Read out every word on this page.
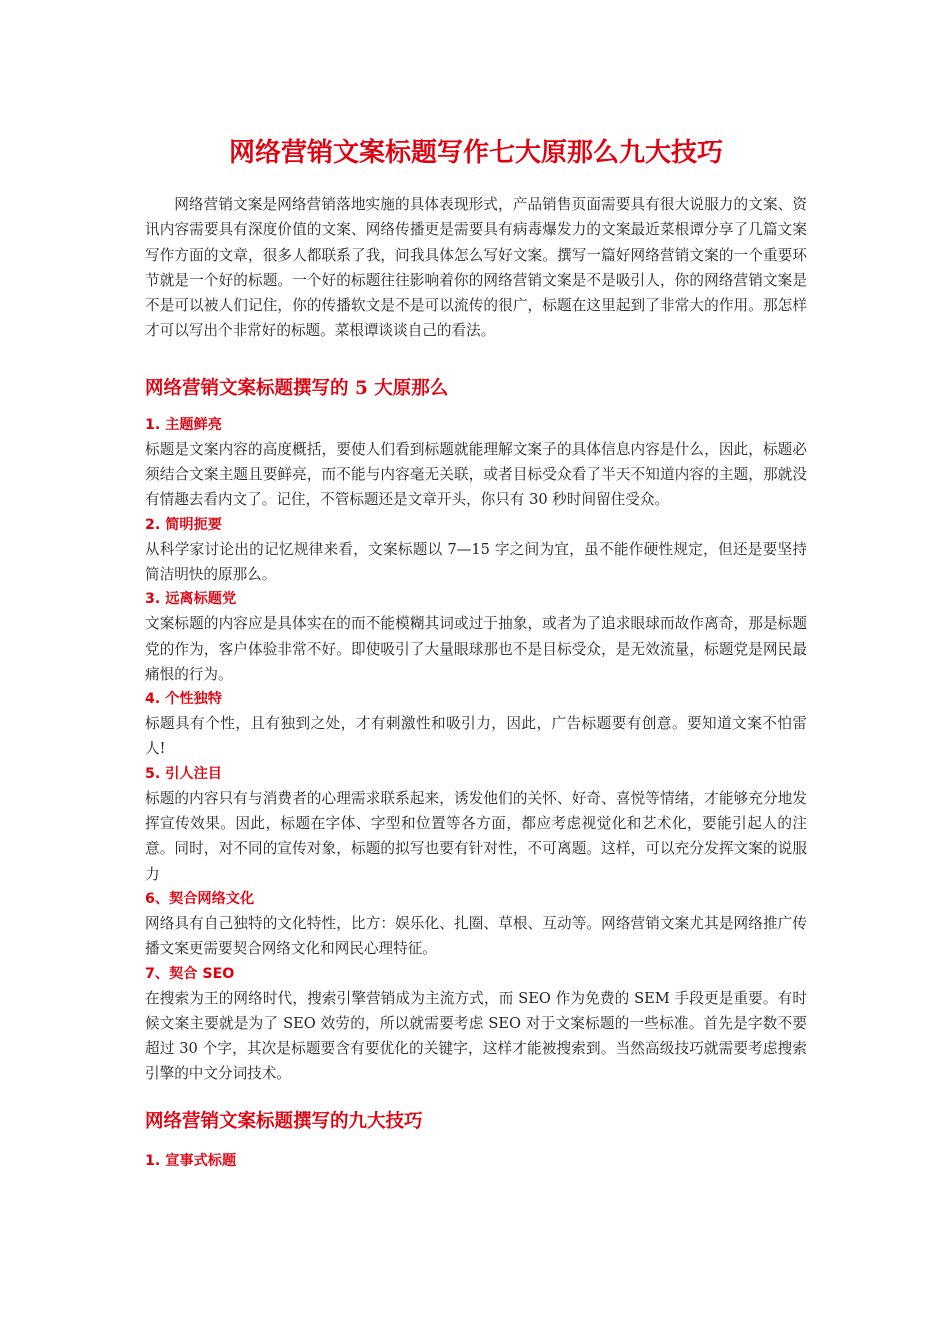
网络营销文案标题写作七大原那么九大技巧

网络营销文案是网络营销落地实施的具体表现形式，产品销售页面需要具有很大说服力的文案、资讯内容需要具有深度价值的文案、网络传播更是需要具有病毒爆发力的文案最近菜根谭分享了几篇文案写作方面的文章，很多人都联系了我，问我具体怎么写好文案。撰写一篇好网络营销文案的一个重要环节就是一个好的标题。一个好的标题往往影响着你的网络营销文案是不是吸引人，你的网络营销文案是不是可以被人们记住，你的传播软文是不是可以流传的很广，标题在这里起到了非常大的作用。那怎样才可以写出个非常好的标题。菜根谭谈谈自己的看法。

网络营销文案标题撰写的 5 大原那么
1. 主题鲜亮

标题是文案内容的高度概括，要使人们看到标题就能理解文案子的具体信息内容是什么，因此，标题必须结合文案主题且要鲜亮，而不能与内容毫无关联，或者目标受众看了半天不知道内容的主题，那就没有情趣去看内文了。记住，不管标题还是文章开头，你只有 30 秒时间留住受众。

2. 简明扼要

从科学家讨论出的记忆规律来看，文案标题以 7—15 字之间为宜，虽不能作硬性规定，但还是要坚持简洁明快的原那么。

3. 远离标题党

文案标题的内容应是具体实在的而不能模糊其词或过于抽象，或者为了追求眼球而故作离奇，那是标题党的作为，客户体验非常不好。即使吸引了大量眼球那也不是目标受众，是无效流量，标题党是网民最痛恨的行为。

4. 个性独特

标题具有个性，且有独到之处，才有刺激性和吸引力，因此，广告标题要有创意。要知道文案不怕雷人!

5. 引人注目

标题的内容只有与消费者的心理需求联系起来，诱发他们的关怀、好奇、喜悦等情绪，才能够充分地发挥宣传效果。因此，标题在字体、字型和位置等各方面，都应考虑视觉化和艺术化，要能引起人的注意。同时，对不同的宣传对象，标题的拟写也要有针对性，不可离题。这样，可以充分发挥文案的说服力

6、契合网络文化

网络具有自己独特的文化特性，比方：娱乐化、扎圈、草根、互动等。网络营销文案尤其是网络推广传播文案更需要契合网络文化和网民心理特征。

7、契合 SEO

在搜索为王的网络时代，搜索引擎营销成为主流方式，而 SEO 作为免费的 SEM 手段更是重要。有时候文案主要就是为了 SEO 效劳的，所以就需要考虑 SEO 对于文案标题的一些标准。首先是字数不要超过 30 个字，其次是标题要含有要优化的关键字，这样才能被搜索到。当然高级技巧就需要考虑搜索引擎的中文分词技术。

网络营销文案标题撰写的九大技巧
1. 宣事式标题
